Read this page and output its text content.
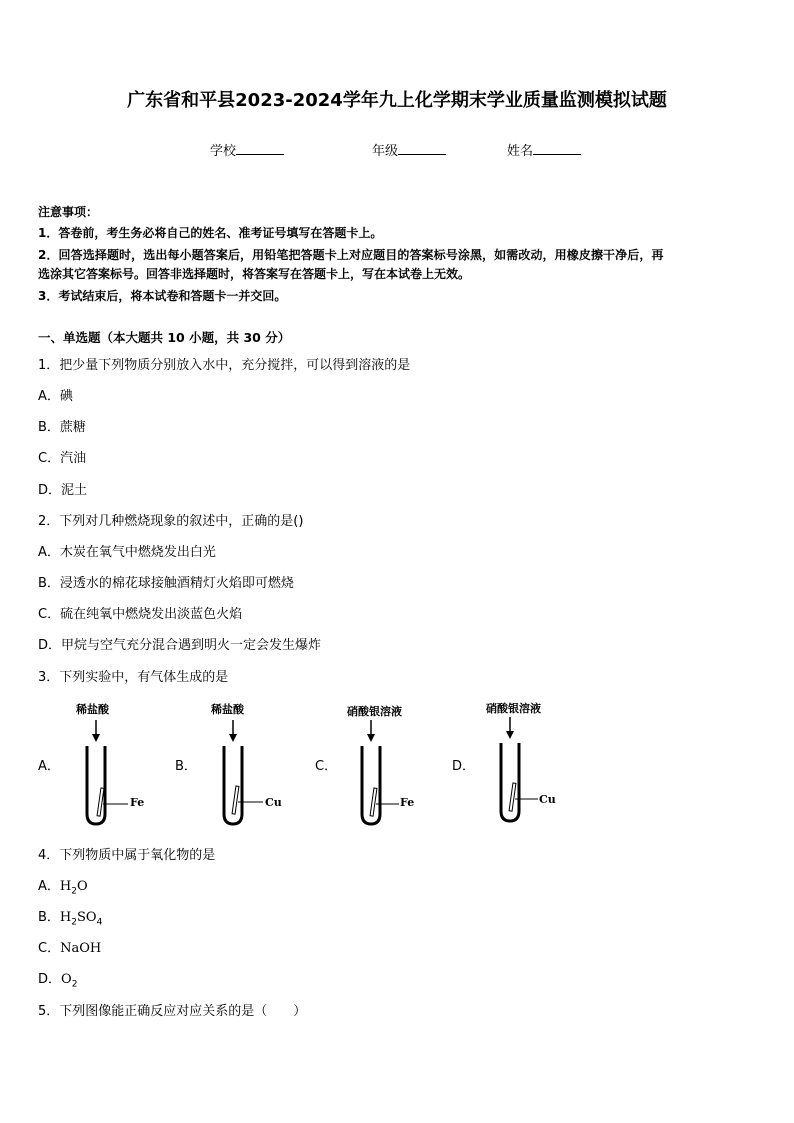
广东省和平县2023-2024学年九上化学期末学业质量监测模拟试题
学校	年级	姓名
注意事项：
1．答卷前，考生务必将自己的姓名、准考证号填写在答题卡上。
2．回答选择题时，选出每小题答案后，用铅笔把答题卡上对应题目的答案标号涂黑，如需改动，用橡皮擦干净后，再
选涂其它答案标号。回答非选择题时，将答案写在答题卡上，写在本试卷上无效。
3．考试结束后，将本试卷和答题卡一并交回。
一、单选题（本大题共 10 小题，共 30 分）
1．把少量下列物质分别放入水中，充分搅拌，可以得到溶液的是
A．碘
B．蔗糖
C．汽油
D．泥土
2．下列对几种燃烧现象的叙述中，正确的是()
A．木炭在氧气中燃烧发出白光
B．浸透水的棉花球接触酒精灯火焰即可燃烧
C．硫在纯氧中燃烧发出淡蓝色火焰
D．甲烷与空气充分混合遇到明火一定会发生爆炸
3．下列实验中，有气体生成的是
A．
稀盐酸
Fe
B．
稀盐酸
Cu
C．
硝酸银溶液
Fe
D．
硝酸银溶液
Cu
4．下列物质中属于氧化物的是
A．$H_2O$
B．$H_2SO_4$
C．NaOH
D．$O_2$
5．下列图像能正确反应对应关系的是（　　）
